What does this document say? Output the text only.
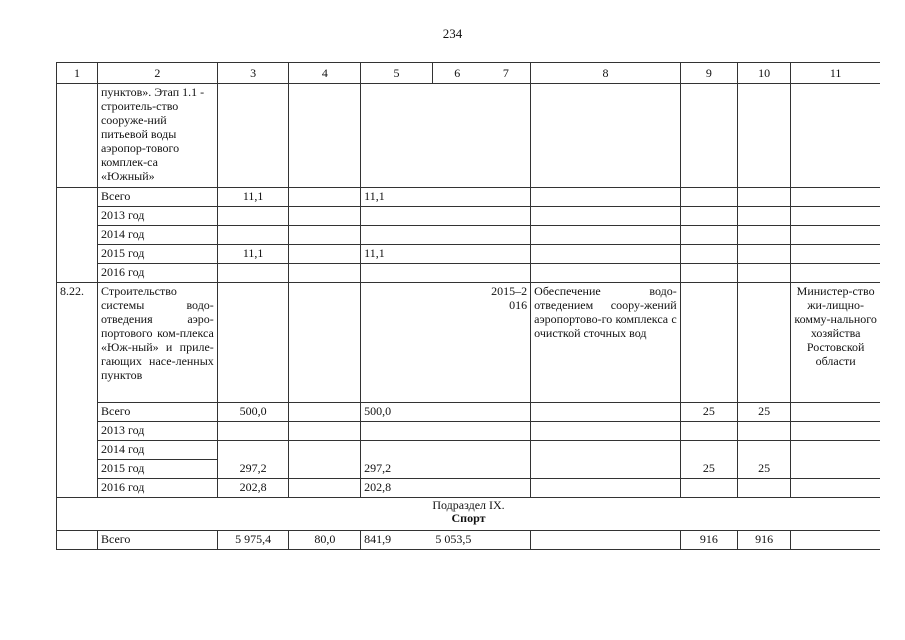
234
1	2	3	4	5	6	7	8	9	10	11
	пунктов». Этап 1.1 - строитель-ство сооруже-ний питьевой воды аэропор-тового комплек-са «Южный»									
	Всего	11,1		11,1						
	2013 год									
	2014 год									
	2015 год	11,1		11,1						
	2016 год									
8.22.	Строительство системы водо-отведения аэро-портового ком-плекса «Юж-ный» и приле-гающих насе-ленных пунктов				2015–2016		Обеспечение водо-отведением соору-жений аэропортово-го комплекса с очисткой сточных вод			Министер-ство жи-лищно-комму-нального хозяйства Ростовской области
	Всего	500,0		500,0				25	25	
	2013 год									
	2014 год									
	2015 год	297,2		297,2				25	25	
	2016 год	202,8		202,8						

Подраздел IX.
Спорт										

	Всего	5 975,4	80,0	841,9	5 053,5			916	916	
